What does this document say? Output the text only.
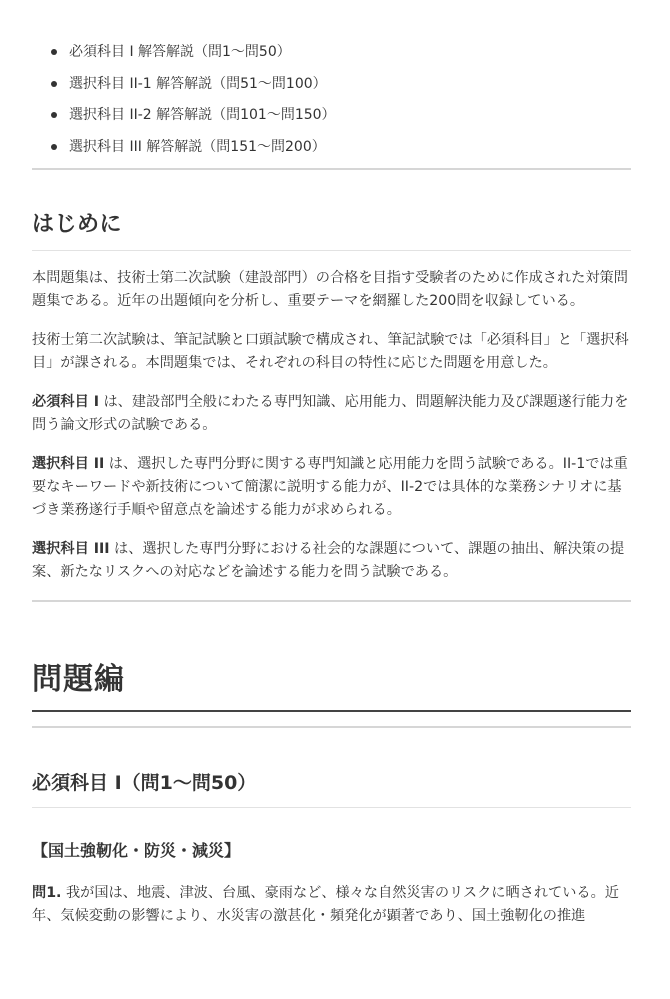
必須科目 I 解答解説（問1〜問50）
選択科目 II-1 解答解説（問51〜問100）
選択科目 II-2 解答解説（問101〜問150）
選択科目 III 解答解説（問151〜問200）
はじめに

本問題集は、技術士第二次試験（建設部門）の合格を目指す受験者のために作成された対策問題集である。近年の出題傾向を分析し、重要テーマを網羅した200問を収録している。

技術士第二次試験は、筆記試験と口頭試験で構成され、筆記試験では「必須科目」と「選択科目」が課される。本問題集では、それぞれの科目の特性に応じた問題を用意した。

必須科目 I は、建設部門全般にわたる専門知識、応用能力、問題解決能力及び課題遂行能力を問う論文形式の試験である。

選択科目 II は、選択した専門分野に関する専門知識と応用能力を問う試験である。II-1では重要なキーワードや新技術について簡潔に説明する能力が、II-2では具体的な業務シナリオに基づき業務遂行手順や留意点を論述する能力が求められる。

選択科目 III は、選択した専門分野における社会的な課題について、課題の抽出、解決策の提案、新たなリスクへの対応などを論述する能力を問う試験である。

問題編
必須科目 I（問1〜問50）
【国土強靭化・防災・減災】

問1. 我が国は、地震、津波、台風、豪雨など、様々な自然災害のリスクに晒されている。近年、気候変動の影響により、水災害の激甚化・頻発化が顕著であり、国土強靭化の推進
